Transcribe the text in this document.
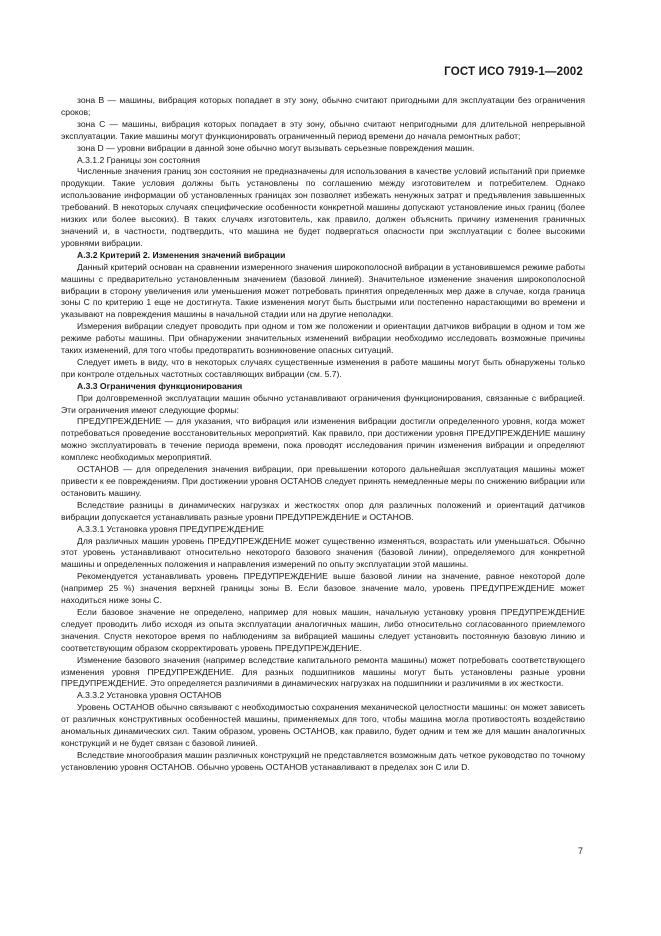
ГОСТ ИСО 7919-1—2002

зона B — машины, вибрация которых попадает в эту зону, обычно считают пригодными для эксплуатации без ограничения сроков;

зона C — машины, вибрация которых попадает в эту зону, обычно считают непригодными для длительной непрерывной эксплуатации. Такие машины могут функционировать ограниченный период времени до начала ремонтных работ;

зона D — уровни вибрации в данной зоне обычно могут вызывать серьезные повреждения машин.

A.3.1.2 Границы зон состояния

Численные значения границ зон состояния не предназначены для использования в качестве условий испытаний при приемке продукции. Такие условия должны быть установлены по соглашению между изготовителем и потребителем. Однако использование информации об установленных границах зон позволяет избежать ненужных затрат и предъявления завышенных требований. В некоторых случаях специфические особенности конкретной машины допускают установление иных границ (более низких или более высоких). В таких случаях изготовитель, как правило, должен объяснить причину изменения граничных значений и, в частности, подтвердить, что машина не будет подвергаться опасности при эксплуатации с более высокими уровнями вибрации.

A.3.2 Критерий 2. Изменения значений вибрации

Данный критерий основан на сравнении измеренного значения широкополосной вибрации в установившемся режиме работы машины с предварительно установленным значением (базовой линией). Значительное изменение значения широкополосной вибрации в сторону увеличения или уменьшения может потребовать принятия определенных мер даже в случае, когда граница зоны C по критерию 1 еще не достигнута. Такие изменения могут быть быстрыми или постепенно нарастающими во времени и указывают на повреждения машины в начальной стадии или на другие неполадки.

Измерения вибрации следует проводить при одном и том же положении и ориентации датчиков вибрации в одном и том же режиме работы машины. При обнаружении значительных изменений вибрации необходимо исследовать возможные причины таких изменений, для того чтобы предотвратить возникновение опасных ситуаций.

Следует иметь в виду, что в некоторых случаях существенные изменения в работе машины могут быть обнаружены только при контроле отдельных частотных составляющих вибрации (см. 5.7).

A.3.3 Ограничения функционирования

При долговременной эксплуатации машин обычно устанавливают ограничения функционирования, связанные с вибрацией. Эти ограничения имеют следующие формы:

ПРЕДУПРЕЖДЕНИЕ — для указания, что вибрация или изменения вибрации достигли определенного уровня, когда может потребоваться проведение восстановительных мероприятий. Как правило, при достижении уровня ПРЕДУПРЕЖДЕНИЕ машину можно эксплуатировать в течение периода времени, пока проводят исследования причин изменения вибрации и определяют комплекс необходимых мероприятий.

ОСТАНОВ — для определения значения вибрации, при превышении которого дальнейшая эксплуатация машины может привести к ее повреждениям. При достижении уровня ОСТАНОВ следует принять немедленные меры по снижению вибрации или остановить машину.

Вследствие разницы в динамических нагрузках и жесткостях опор для различных положений и ориентаций датчиков вибрации допускается устанавливать разные уровни ПРЕДУПРЕЖДЕНИЕ и ОСТАНОВ.

A.3.3.1 Установка уровня ПРЕДУПРЕЖДЕНИЕ

Для различных машин уровень ПРЕДУПРЕЖДЕНИЕ может существенно изменяться, возрастать или уменьшаться. Обычно этот уровень устанавливают относительно некоторого базового значения (базовой линии), определяемого для конкретной машины и определенных положения и направления измерений по опыту эксплуатации этой машины.

Рекомендуется устанавливать уровень ПРЕДУПРЕЖДЕНИЕ выше базовой линии на значение, равное некоторой доле (например 25 %) значения верхней границы зоны B. Если базовое значение мало, уровень ПРЕДУПРЕЖДЕНИЕ может находиться ниже зоны C.

Если базовое значение не определено, например для новых машин, начальную установку уровня ПРЕДУПРЕЖДЕНИЕ следует проводить либо исходя из опыта эксплуатации аналогичных машин, либо относительно согласованного приемлемого значения. Спустя некоторое время по наблюдениям за вибрацией машины следует установить постоянную базовую линию и соответствующим образом скорректировать уровень ПРЕДУПРЕЖДЕНИЕ.

Изменение базового значения (например вследствие капитального ремонта машины) может потребовать соответствующего изменения уровня ПРЕДУПРЕЖДЕНИЕ. Для разных подшипников машины могут быть установлены разные уровни ПРЕДУПРЕЖДЕНИЕ. Это определяется различиями в динамических нагрузках на подшипники и различиями в их жесткости.

A.3.3.2 Установка уровня ОСТАНОВ

Уровень ОСТАНОВ обычно связывают с необходимостью сохранения механической целостности машины: он может зависеть от различных конструктивных особенностей машины, применяемых для того, чтобы машина могла противостоять воздействию аномальных динамических сил. Таким образом, уровень ОСТАНОВ, как правило, будет одним и тем же для машин аналогичных конструкций и не будет связан с базовой линией.

Вследствие многообразия машин различных конструкций не представляется возможным дать четкое руководство по точному установлению уровня ОСТАНОВ. Обычно уровень ОСТАНОВ устанавливают в пределах зон C или D.

7
